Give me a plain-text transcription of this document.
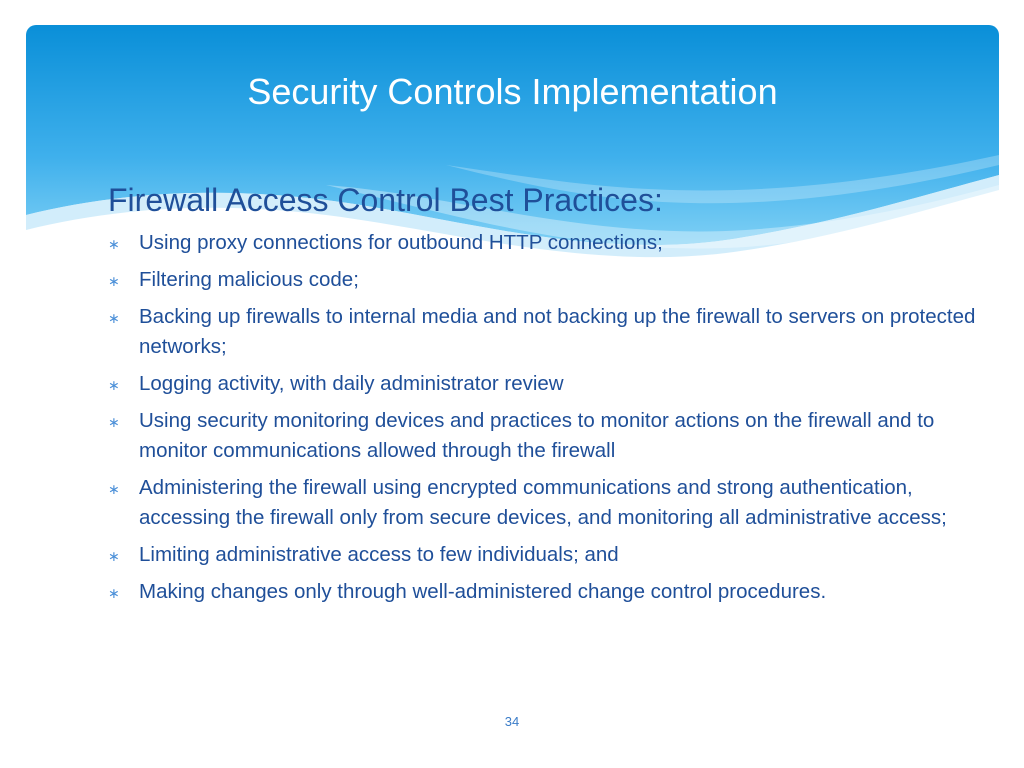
Security Controls Implementation
Firewall Access Control Best Practices:
∗ Using proxy connections for outbound HTTP connections;
∗ Filtering malicious code;
∗ Backing up firewalls to internal media and not backing up the firewall to servers on protected networks;
∗ Logging activity, with daily administrator review
∗ Using security monitoring devices and practices to monitor actions on the firewall and to monitor communications allowed through the firewall
∗ Administering the firewall using encrypted communications and strong authentication, accessing the firewall only from secure devices, and monitoring all administrative access;
∗ Limiting administrative access to few individuals; and
∗ Making changes only through well-administered change control procedures.
34
